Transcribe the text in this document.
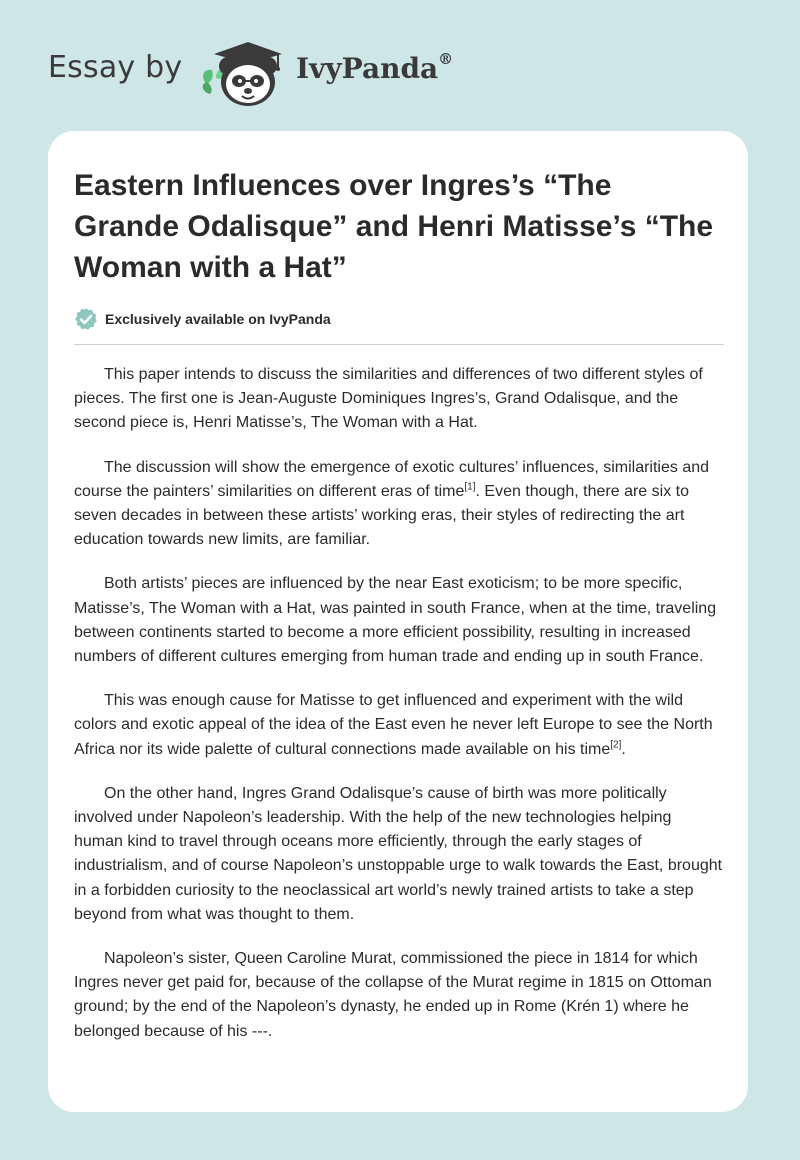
Essay by	IvyPanda®
Eastern Influences over Ingres’s “The Grande Odalisque” and Henri Matisse’s “The Woman with a Hat”
Exclusively available on IvyPanda

This paper intends to discuss the similarities and differences of two different styles of pieces. The first one is Jean-Auguste Dominiques Ingres’s, Grand Odalisque, and the second piece is, Henri Matisse’s, The Woman with a Hat.

The discussion will show the emergence of exotic cultures’ influences, similarities and course the painters’ similarities on different eras of time[1]. Even though, there are six to seven decades in between these artists’ working eras, their styles of redirecting the art education towards new limits, are familiar.

Both artists’ pieces are influenced by the near East exoticism; to be more specific, Matisse’s, The Woman with a Hat, was painted in south France, when at the time, traveling between continents started to become a more efficient possibility, resulting in increased numbers of different cultures emerging from human trade and ending up in south France.

This was enough cause for Matisse to get influenced and experiment with the wild colors and exotic appeal of the idea of the East even he never left Europe to see the North Africa nor its wide palette of cultural connections made available on his time[2].

On the other hand, Ingres Grand Odalisque’s cause of birth was more politically involved under Napoleon’s leadership. With the help of the new technologies helping human kind to travel through oceans more efficiently, through the early stages of industrialism, and of course Napoleon’s unstoppable urge to walk towards the East, brought in a forbidden curiosity to the neoclassical art world’s newly trained artists to take a step beyond from what was thought to them.

Napoleon’s sister, Queen Caroline Murat, commissioned the piece in 1814 for which Ingres never get paid for, because of the collapse of the Murat regime in 1815 on Ottoman ground; by the end of the Napoleon’s dynasty, he ended up in Rome (Krén 1) where he belonged because of his ---.
